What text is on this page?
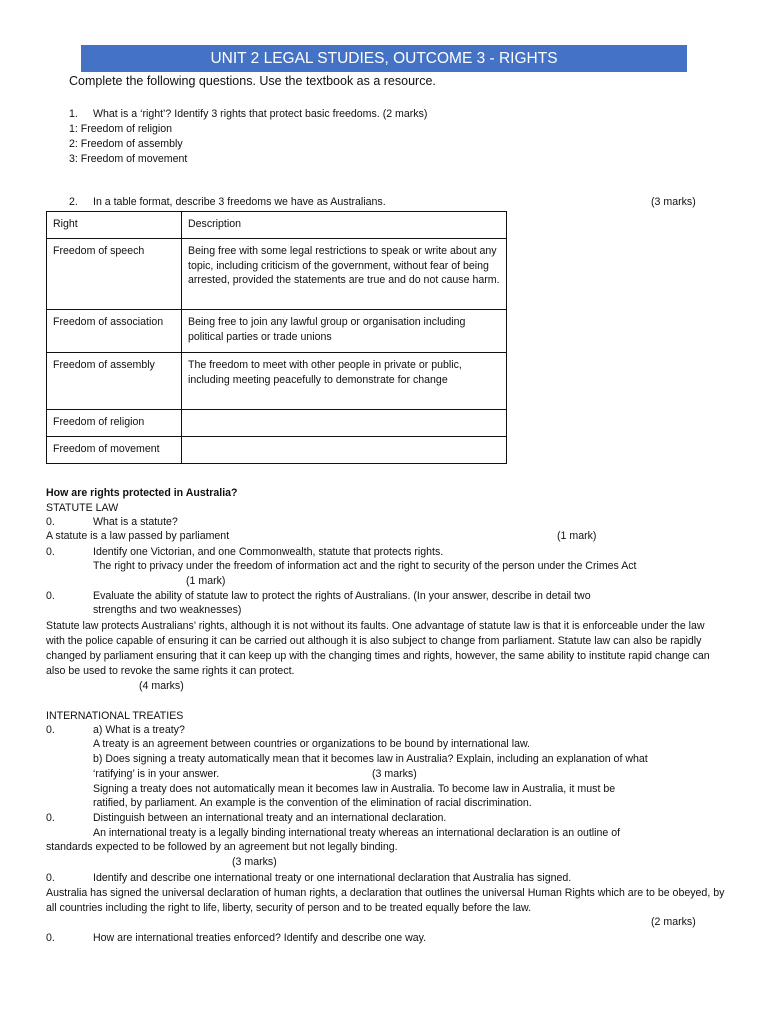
UNIT 2 LEGAL STUDIES, OUTCOME 3 - RIGHTS
Complete the following questions. Use the textbook as a resource.
1. What is a ‘right’? Identify 3 rights that protect basic freedoms. (2 marks)
1: Freedom of religion
2: Freedom of assembly
3: Freedom of movement
2. In a table format, describe 3 freedoms we have as Australians.	(3 marks)
Right	Description
Freedom of speech	Being free with some legal restrictions to speak or write about any topic, including criticism of the government, without fear of being arrested, provided the statements are true and do not cause harm.
Freedom of association	Being free to join any lawful group or organisation including political parties or trade unions
Freedom of assembly	The freedom to meet with other people in private or public, including meeting peacefully to demonstrate for change
Freedom of religion	
Freedom of movement	
How are rights protected in Australia?
STATUTE LAW
0.	What is a statute?
A statute is a law passed by parliament	(1 mark)
0.	Identify one Victorian, and one Commonwealth, statute that protects rights.
The right to privacy under the freedom of information act and the right to security of the person under the Crimes Act
(1 mark)
0.	Evaluate the ability of statute law to protect the rights of Australians. (In your answer, describe in detail two
strengths and two weaknesses)
Statute law protects Australians’ rights, although it is not without its faults. One advantage of statute law is that it is enforceable under the law with the police capable of ensuring it can be carried out although it is also subject to change from parliament. Statute law can also be rapidly changed by parliament ensuring that it can keep up with the changing times and rights, however, the same ability to institute rapid change can also be used to revoke the same rights it can protect.
(4 marks)
INTERNATIONAL TREATIES
0.	a) What is a treaty?
A treaty is an agreement between countries or organizations to be bound by international law.
b) Does signing a treaty automatically mean that it becomes law in Australia? Explain, including an explanation of what
‘ratifying’ is in your answer.	(3 marks)
Signing a treaty does not automatically mean it becomes law in Australia. To become law in Australia, it must be
ratified, by parliament. An example is the convention of the elimination of racial discrimination.
0.	Distinguish between an international treaty and an international declaration.
An international treaty is a legally binding international treaty whereas an international declaration is an outline of
standards expected to be followed by an agreement but not legally binding.
(3 marks)
0.	Identify and describe one international treaty or one international declaration that Australia has signed.
Australia has signed the universal declaration of human rights, a declaration that outlines the universal Human Rights which are to be obeyed, by all countries including the right to life, liberty, security of person and to be treated equally before the law.
(2 marks)
0.	How are international treaties enforced? Identify and describe one way.
